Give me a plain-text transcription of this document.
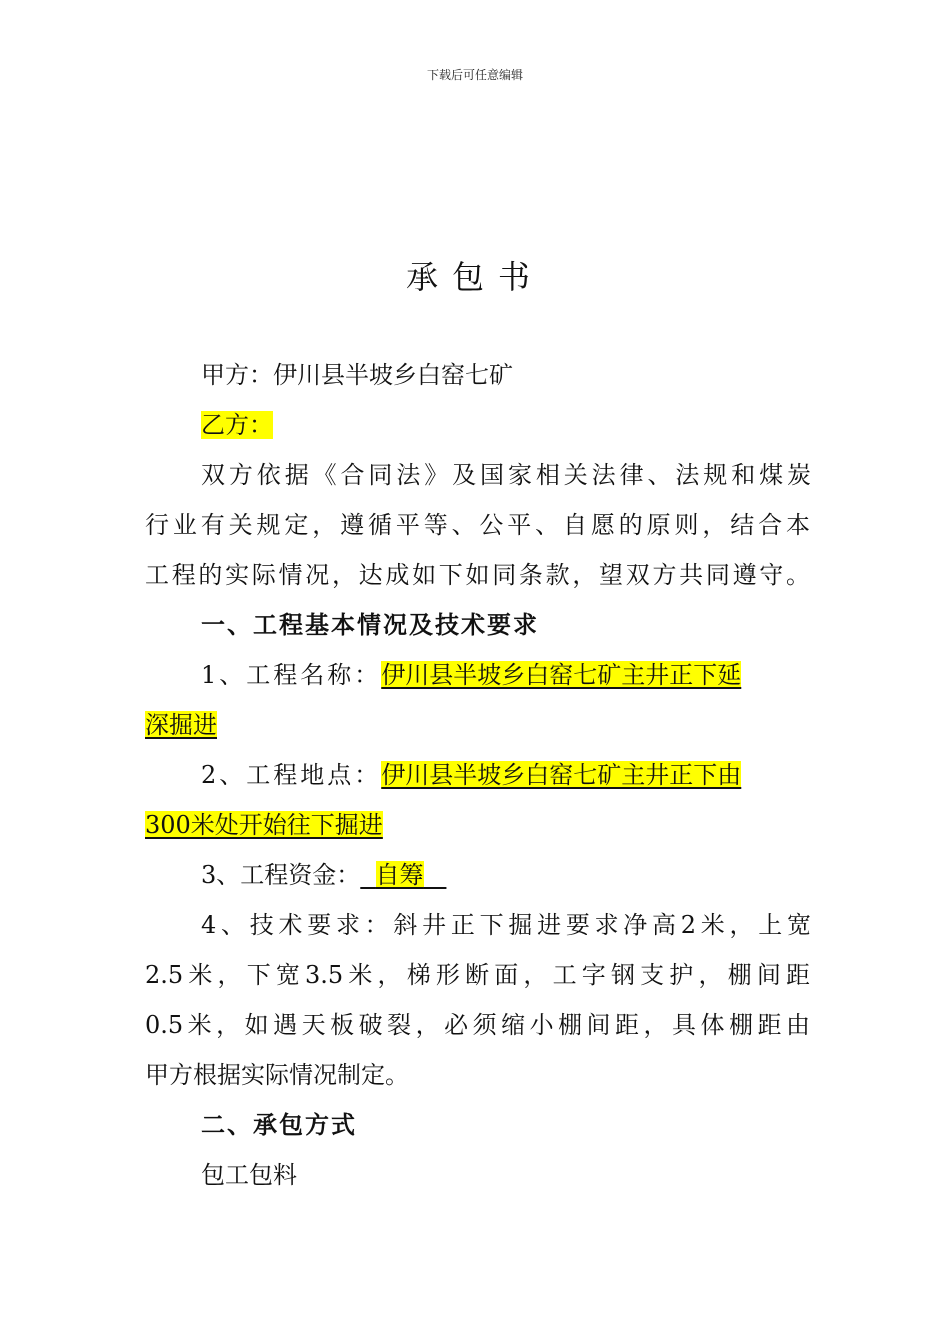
下载后可任意编辑
承包书
甲方：伊川县半坡乡白窑七矿
乙方：
双方依据《合同法》及国家相关法律、法规和煤炭
行业有关规定，遵循平等、公平、自愿的原则，结合本
工程的实际情况，达成如下如同条款，望双方共同遵守。
一、工程基本情况及技术要求
1、工程名称：伊川县半坡乡白窑七矿主井正下延
深掘进
2、工程地点：伊川县半坡乡白窑七矿主井正下由
300米处开始往下掘进
3、工程资金： 自筹
4、技术要求：斜井正下掘进要求净高2米，上宽
2.5米，下宽3.5米，梯形断面，工字钢支护，棚间距
0.5米，如遇天板破裂，必须缩小棚间距，具体棚距由
甲方根据实际情况制定。
二、承包方式
包工包料
